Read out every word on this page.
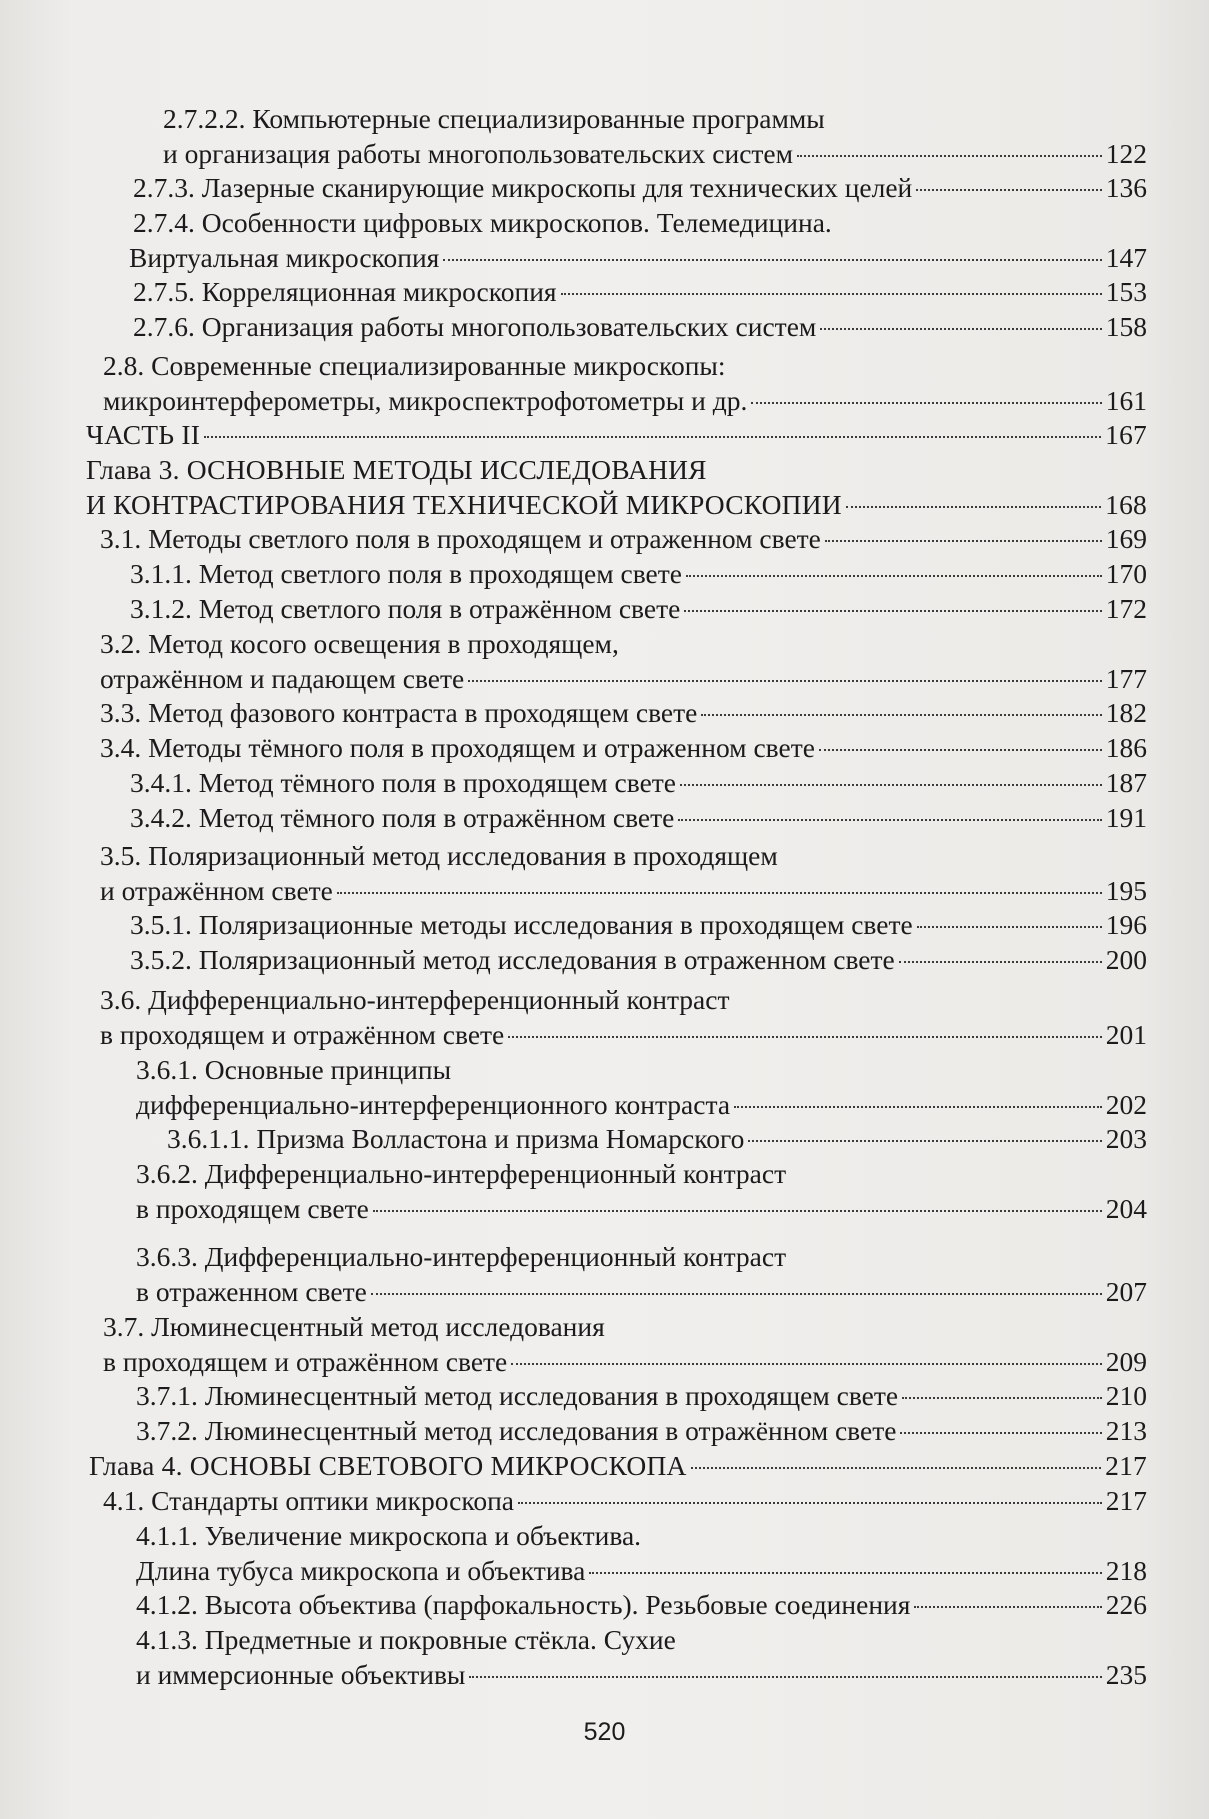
2.7.2.2. Компьютерные специализированные программы
и организация работы многопользовательских систем	122
2.7.3. Лазерные сканирующие микроскопы для технических целей	136
2.7.4. Особенности цифровых микроскопов. Телемедицина.
Виртуальная микроскопия	147
2.7.5. Корреляционная микроскопия	153
2.7.6. Организация работы многопользовательских систем	158
2.8. Современные специализированные микроскопы:
микроинтерферометры, микроспектрофотометры и др.	161
ЧАСТЬ II	167
Глава 3. ОСНОВНЫЕ МЕТОДЫ ИССЛЕДОВАНИЯ
И КОНТРАСТИРОВАНИЯ ТЕХНИЧЕСКОЙ МИКРОСКОПИИ	168
3.1. Методы светлого поля в проходящем и отраженном свете	169
3.1.1. Метод светлого поля в проходящем свете	170
3.1.2. Метод светлого поля в отражённом свете	172
3.2. Метод косого освещения в проходящем,
отражённом и падающем свете	177
3.3. Метод фазового контраста в проходящем свете	182
3.4. Методы тёмного поля в проходящем и отраженном свете	186
3.4.1. Метод тёмного поля в проходящем свете	187
3.4.2. Метод тёмного поля в отражённом свете	191
3.5. Поляризационный метод исследования в проходящем
и отражённом свете	195
3.5.1. Поляризационные методы исследования в проходящем свете	196
3.5.2. Поляризационный метод исследования в отраженном свете	200
3.6. Дифференциально-интерференционный контраст
в проходящем и отражённом свете	201
3.6.1. Основные принципы
дифференциально-интерференционного контраста	202
3.6.1.1. Призма Волластона и призма Номарского	203
3.6.2. Дифференциально-интерференционный контраст
в проходящем свете	204
3.6.3. Дифференциально-интерференционный контраст
в отраженном свете	207
3.7. Люминесцентный метод исследования
в проходящем и отражённом свете	209
3.7.1. Люминесцентный метод исследования в проходящем свете	210
3.7.2. Люминесцентный метод исследования в отражённом свете	213
Глава 4. ОСНОВЫ СВЕТОВОГО МИКРОСКОПА	217
4.1. Стандарты оптики микроскопа	217
4.1.1. Увеличение микроскопа и объектива.
Длина тубуса микроскопа и объектива	218
4.1.2. Высота объектива (парфокальность). Резьбовые соединения	226
4.1.3. Предметные и покровные стёкла. Сухие
и иммерсионные объективы	235
520
